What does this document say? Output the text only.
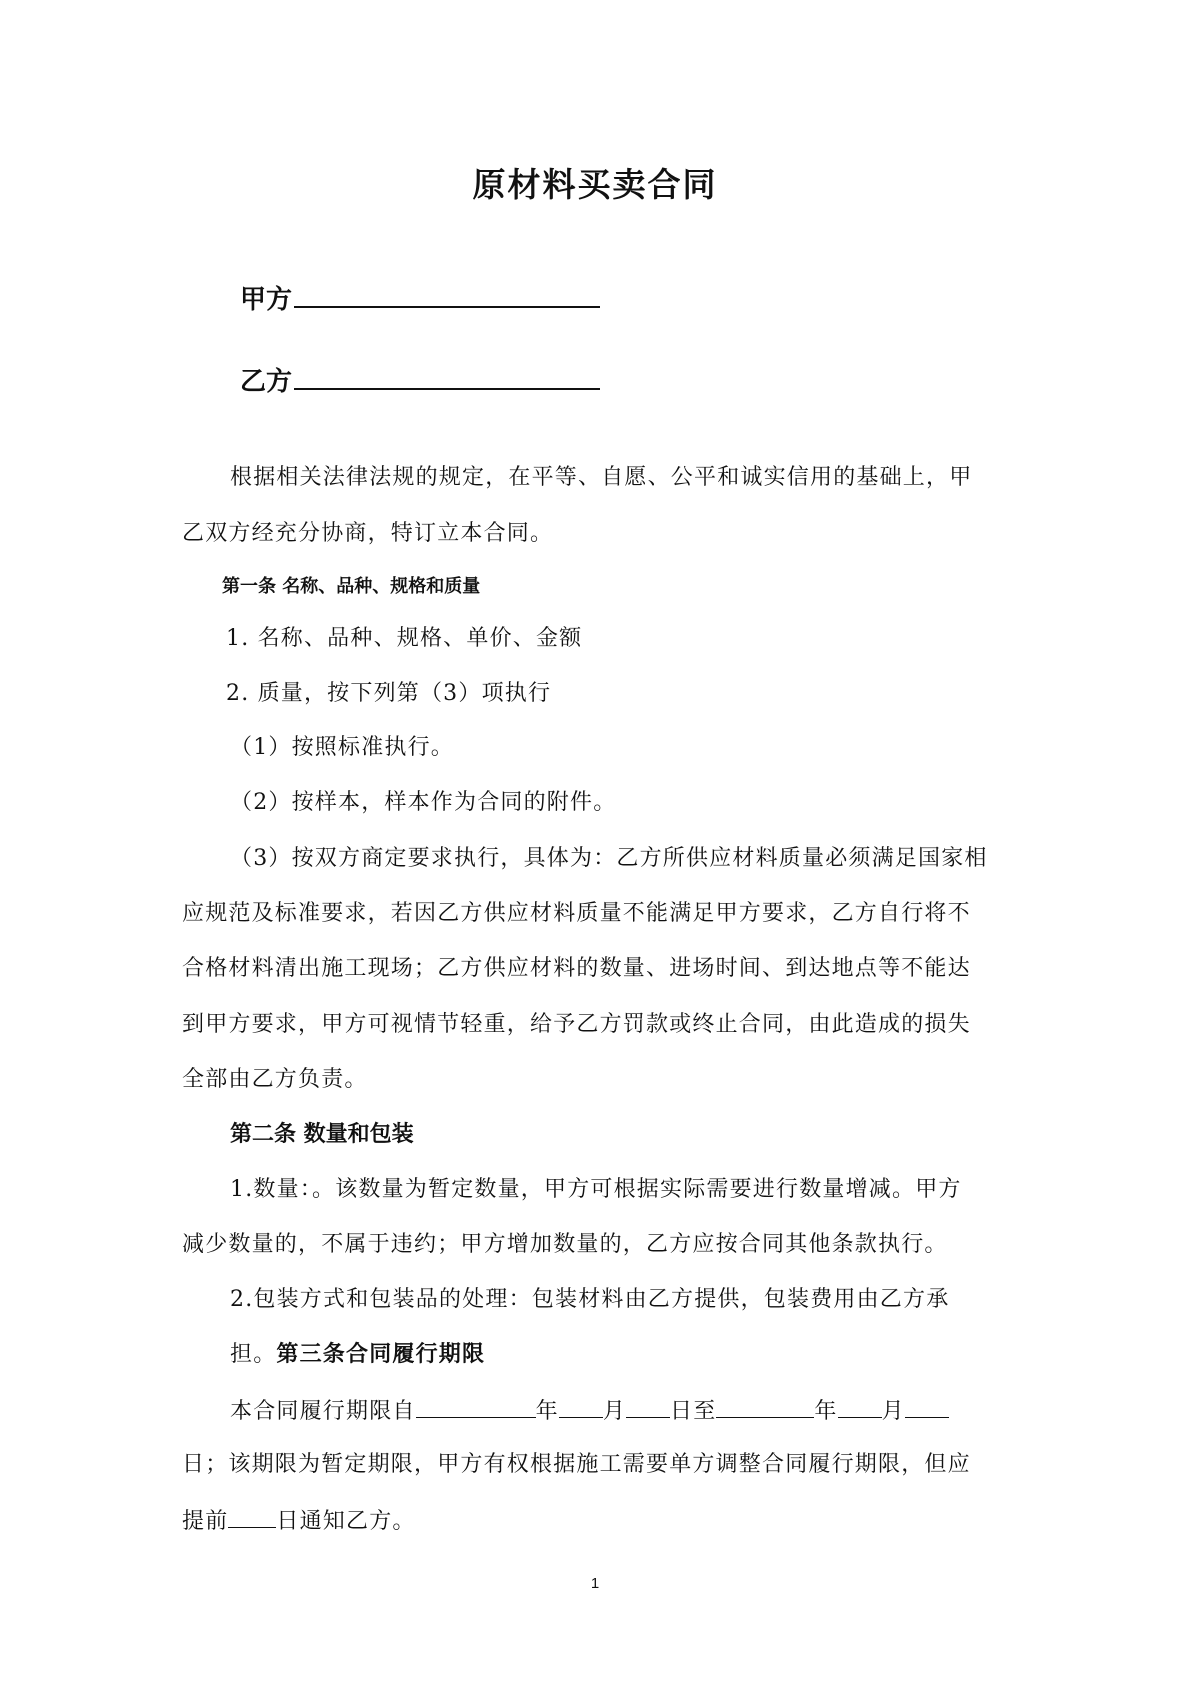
原材料买卖合同
甲方
乙方
根据相关法律法规的规定，在平等、自愿、公平和诚实信用的基础上，甲
乙双方经充分协商，特订立本合同。
第一条 名称、品种、规格和质量
1. 名称、品种、规格、单价、金额
2. 质量，按下列第（3）项执行
（1）按照标准执行。
（2）按样本，样本作为合同的附件。
（3）按双方商定要求执行，具体为：乙方所供应材料质量必须满足国家相
应规范及标准要求，若因乙方供应材料质量不能满足甲方要求，乙方自行将不
合格材料清出施工现场；乙方供应材料的数量、进场时间、到达地点等不能达
到甲方要求，甲方可视情节轻重，给予乙方罚款或终止合同，由此造成的损失
全部由乙方负责。
第二条 数量和包装
1.数量：。该数量为暂定数量，甲方可根据实际需要进行数量增减。甲方
减少数量的，不属于违约；甲方增加数量的，乙方应按合同其他条款执行。
2.包装方式和包装品的处理：包装材料由乙方提供，包装费用由乙方承
担。第三条合同履行期限
本合同履行期限自	年 月 日至	年 月
日；该期限为暂定期限，甲方有权根据施工需要单方调整合同履行期限，但应
提前 日通知乙方。
1
